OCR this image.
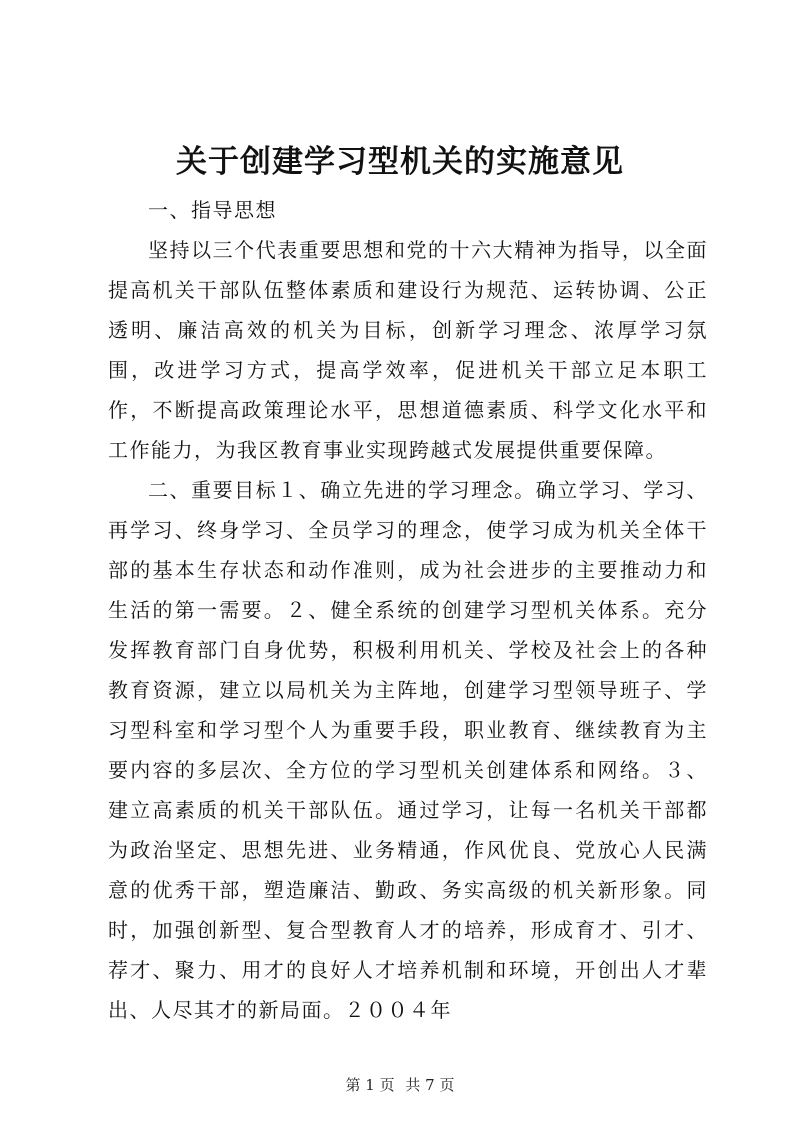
关于创建学习型机关的实施意见

一、指导思想

坚持以三个代表重要思想和党的十六大精神为指导，以全面提高机关干部队伍整体素质和建设行为规范、运转协调、公正透明、廉洁高效的机关为目标，创新学习理念、浓厚学习氛围，改进学习方式，提高学效率，促进机关干部立足本职工作，不断提高政策理论水平，思想道德素质、科学文化水平和工作能力，为我区教育事业实现跨越式发展提供重要保障。

二、重要目标１、确立先进的学习理念。确立学习、学习、再学习、终身学习、全员学习的理念，使学习成为机关全体干部的基本生存状态和动作准则，成为社会进步的主要推动力和生活的第一需要。２、健全系统的创建学习型机关体系。充分发挥教育部门自身优势，积极利用机关、学校及社会上的各种教育资源，建立以局机关为主阵地，创建学习型领导班子、学习型科室和学习型个人为重要手段，职业教育、继续教育为主要内容的多层次、全方位的学习型机关创建体系和网络。３、建立高素质的机关干部队伍。通过学习，让每一名机关干部都为政治坚定、思想先进、业务精通，作风优良、党放心人民满意的优秀干部，塑造廉洁、勤政、务实高级的机关新形象。同时，加强创新型、复合型教育人才的培养，形成育才、引才、荐才、聚力、用才的良好人才培养机制和环境，开创出人才辈出、人尽其才的新局面。２００４年

第 1 页 共 7 页
